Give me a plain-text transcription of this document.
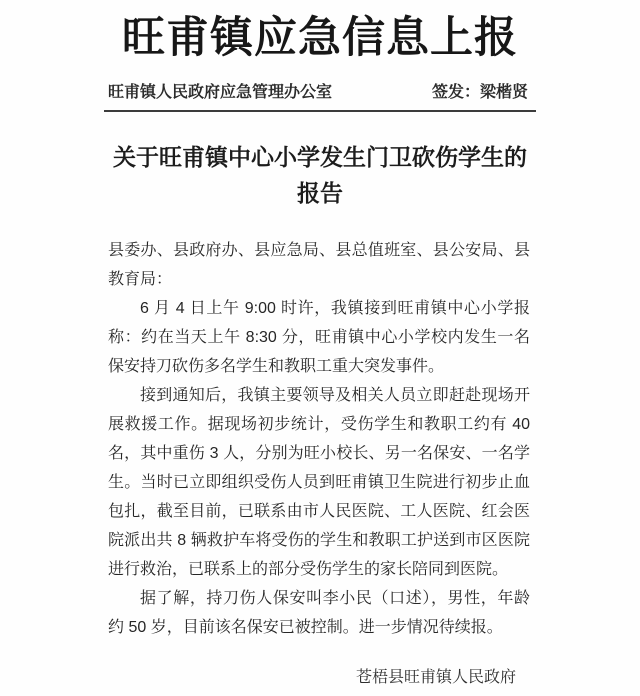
旺甫镇应急信息上报
旺甫镇人民政府应急管理办公室	签发：梁楷贤
关于旺甫镇中心小学发生门卫砍伤学生的报告

县委办、县政府办、县应急局、县总值班室、县公安局、县教育局：

6 月 4 日上午 9:00 时许，我镇接到旺甫镇中心小学报称：约在当天上午 8:30 分，旺甫镇中心小学校内发生一名保安持刀砍伤多名学生和教职工重大突发事件。

接到通知后，我镇主要领导及相关人员立即赶赴现场开展救援工作。据现场初步统计，受伤学生和教职工约有 40 名，其中重伤 3 人，分别为旺小校长、另一名保安、一名学生。当时已立即组织受伤人员到旺甫镇卫生院进行初步止血包扎，截至目前，已联系由市人民医院、工人医院、红会医院派出共 8 辆救护车将受伤的学生和教职工护送到市区医院进行救治，已联系上的部分受伤学生的家长陪同到医院。

据了解，持刀伤人保安叫李小民（口述），男性，年龄约 50 岁，目前该名保安已被控制。进一步情况待续报。

苍梧县旺甫镇人民政府
